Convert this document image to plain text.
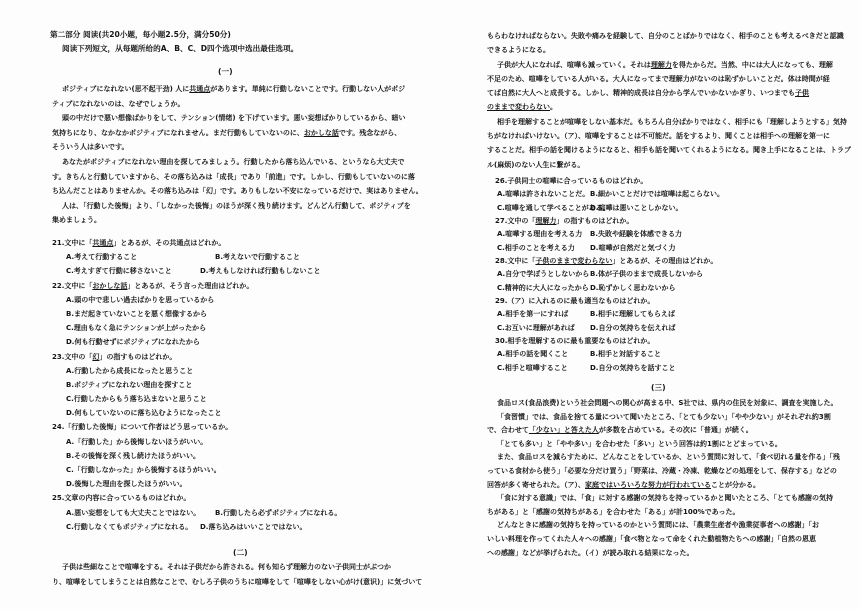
第二部分 阅读(共20小题，每小题2.5分，满分50分)
阅读下列短文，从每题所给的A、B、C、D四个选项中选出最佳选项。
(一)
ポジティブになれない(思不起干劲) 人に共通点があります。単純に行動しないことです。行動しない人がポジ
ティブになれないのは、なぜでしょうか。
頭の中だけで悪い想像ばかりをして、テンション(情绪) を下げています。悪い妄想ばかりしているから、暗い
気持ちになり、なかなかポジティブになれません。まだ行動もしていないのに、おかしな話です。残念ながら、
そういう人は多いです。
あなたがポジティブになれない理由を探してみましょう。行動したから落ち込んでいる、というなら大丈夫で
す。きちんと行動していますから、その落ち込みは「成長」であり「前進」です。しかし、行動もしていないのに落
ち込んだことはありませんか。その落ち込みは「幻」です。ありもしない不安になっているだけで、実はありません。
人は、「行動した後悔」より、「しなかった後悔」のほうが深く残り続けます。どんどん行動して、ポジティブを
集めましょう。
21.文中に「共通点」とあるが、その共通点はどれか。
A.考えて行動すること	B.考えないで行動すること
C.考えすぎて行動に移さないこと	D.考えもしなければ行動もしないこと
22.文中に「おかしな話」とあるが、そう言った理由はどれか。
A.頭の中で悲しい過去ばかりを思っているから
B.まだ起きていないことを悪く想像するから
C.理由もなく急にテンションが上がったから
D.何も行動せずにポジティブになれたから
23.文中の「幻」の指すものはどれか。
A.行動したから成長になったと思うこと
B.ポジティブになれない理由を探すこと
C.行動したからもう落ち込まないと思うこと
D.何もしていないのに落ち込むようになったこと
24.「行動した後悔」について作者はどう思っているか。
A.「行動した」から後悔しないほうがいい。
B.その後悔を深く残し続けたほうがいい。
C.「行動しなかった」から後悔するほうがいい。
D.後悔した理由を探したほうがいい。
25.文章の内容に合っているものはどれか。
A.悪い妄想をしても大丈夫ことではない。 B.行動したら必ずポジティブになれる。
C.行動しなくてもポジティブになれる。 D.落ち込みはいいことではない。
(二)
子供は些細なことで喧嘩をする。それは子供だから許される。何も知らず理解力のない子供同士がぶつか
り、喧嘩をしてしまうことは自然なことで、むしろ子供のうちに喧嘩をして「喧嘩をしない心がけ(意识)」に気づいて
もらわなければならない。失敗や痛みを経験して、自分のことばかりではなく、相手のことも考えるべきだと認識
できるようになる。
子供が大人になれば、喧嘩も減っていく。それは理解力を得たからだ。当然、中には大人になっても、理解
不足のため、喧嘩をしている人がいる。大人になってまで理解力がないのは恥ずかしいことだ。体は時間が経
てば自然に大人へと成長する。しかし、精神的成長は自分から学んでいかないかぎり、いつまでも子供
のままで変わらない。
相手を理解することが喧嘩をしない基本だ。もちろん自分ばかりではなく、相手にも「理解しようとする」気持
ちがなければいけない。（ア）、喧嘩をすることは不可能だ。話をするより、聞くことは相手への理解を第一に
することだ。相手の話を聞けるようになると、相手も話を聞いてくれるようになる。聞き上手になることは、トラブ
ル(麻烦)のない人生に繋がる。
26.子供同士の喧嘩に合っているものはどれか。
A.喧嘩は許されないことだ。 B.細かいことだけでは喧嘩は起こらない。
C.喧嘩を通して学べることがある。
D.喧嘩は悪いことしかない。
27.文中の「理解力」の指すものはどれか。
A.喧嘩する理由を考える力 B.失敗や経験を体感できる力
C.相手のことを考える力 D.喧嘩が自然だと気づく力
28.文中に「子供のままで変わらない」とあるが、その理由はどれか。
A.自分で学ぼうとしないから B.体が子供のままで成長しないから
C.精神的に大人になったから D.恥ずかしく思わないから
29.（ア）に入れるのに最も適当なものはどれか。
A.相手を第一にすれば	B.相手に理解してもらえば
C.お互いに理解があれば D.自分の気持ちを伝えれば
30.相手を理解するのに最も重要なものはどれか。
A.相手の話を聞くこと	B.相手と対話すること
C.相手と喧嘩すること	D.自分の気持ちを話すこと
(三)
食品ロス(食品浪费)という社会問題への関心が高まる中、S社では、県内の住民を対象に、調査を実施した。
「食習慣」では、食品を捨てる量について聞いたところ、「とても少ない」「やや少ない」がそれぞれ約3割
で、合わせて「少ない」と答えた人が多数を占めている。その次に「普通」が続く。
「とても多い」と「やや多い」を合わせた「多い」という回答は約1割にとどまっている。
また、食品ロスを減らすために、どんなことをしているか、という質問に対して、「食べ切れる量を作る」「残
っている食材から使う」「必要な分だけ買う」「野菜は、冷蔵・冷凍、乾燥などの処理をして、保存する」などの
回答が多く寄せられた。（ア）、家庭ではいろいろな努力が行われていることが分かる。
「食に対する意識」では、「食」に対する感謝の気持ちを持っているかと聞いたところ、「とても感謝の気持
ちがある」と「感謝の気持ちがある」を合わせた「ある」が計100%であった。
どんなときに感謝の気持ちを持っているのかという質問には、「農業生産者や漁業従事者への感謝」「お
いしい料理を作ってくれた人々への感謝」「食べ物となって命をくれた動植物たちへの感謝」「自然の恩恵
への感謝」などが挙げられた。（イ）が読み取れる結果になった。
